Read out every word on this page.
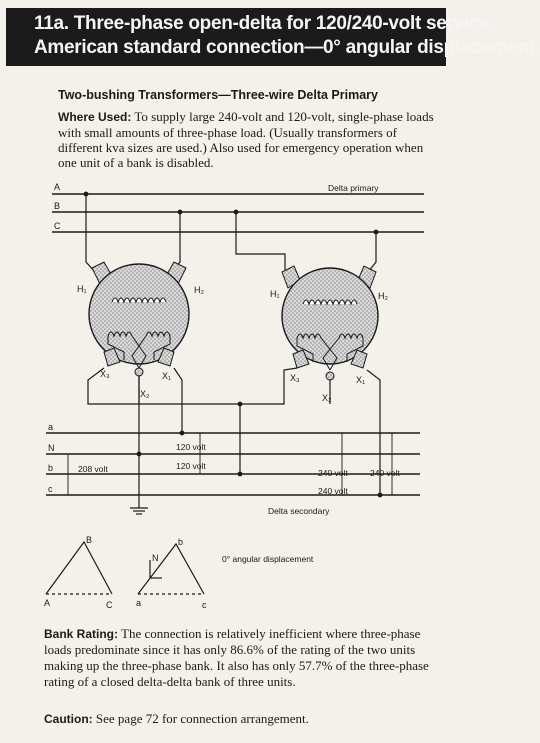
11a. Three-phase open-delta for 120/240-volt service.
American standard connection—0° angular displacement.
Two-bushing Transformers—Three-wire Delta Primary
Where Used: To supply large 240-volt and 120-volt, single-phase loads with small amounts of three-phase load. (Usually transformers of different kva sizes are used.) Also used for emergency operation when one unit of a bank is disabled.
A
B
C
Delta primary
H₁	H₂
X₃	X₁
X₂
H₁	H₂
X₃	X₁
X₂
a
N
b
c
Delta secondary
208 volt
120 volt
120 volt
240 volt	240 volt
240 volt
B
A	C
b
N
a	c
0° angular displacement
Bank Rating: The connection is relatively inefficient where three-phase loads predominate since it has only 86.6% of the rating of the two units making up the three-phase bank. It also has only 57.7% of the three-phase rating of a closed delta-delta bank of three units.
Caution: See page 72 for connection arrangement.
